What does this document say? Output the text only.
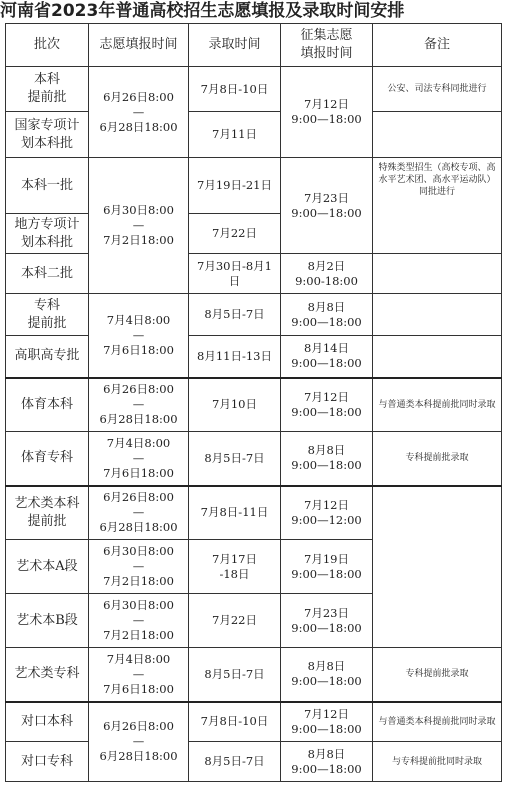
河南省2023年普通高校招生志愿填报及录取时间安排
批次	志愿填报时间	录取时间	征集志愿
填报时间	备注

本科
提前批	6月26日8:00
—
6月28日18:00	7月8日-10日	7月12日
9:00—18:00	公安、司法专科同批进行

国家专项计
划本科批		7月11日		
本科一批	6月30日8:00
—
7月2日18:00	7月19日-21日	7月23日
9:00—18:00	特殊类型招生（高校专项、高水平艺术团、高水平运动队）同批进行

地方专项计
划本科批		7月22日		
本科二批		7月30日-8月1
日	8月2日
9:00-18:00	

专科
提前批	7月4日8:00
—
7月6日18:00	8月5日-7日	8月8日
9:00—18:00	

高职高专批		8月11日-13日	8月14日
9:00—18:00	

体育本科	6月26日8:00
—
6月28日18:00	7月10日	7月12日
9:00—18:00	与普通类本科提前批同时录取
体育专科	7月4日8:00
—
7月6日18:00	8月5日-7日	8月8日
9:00—18:00	专科提前批录取

艺术类本科
提前批	6月26日8:00
—
6月28日18:00	7月8日-11日	7月12日
9:00—12:00	

艺术本A段	6月30日8:00
—
7月2日18:00	7月17日
-18日	7月19日
9:00—18:00	

艺术本B段	6月30日8:00
—
7月2日18:00	7月22日	7月23日
9:00—18:00	

艺术类专科	7月4日8:00
—
7月6日18:00	8月5日-7日	8月8日
9:00—18:00	专科提前批录取
对口本科	6月26日8:00
—
6月28日18:00	7月8日-10日	7月12日
9:00—18:00	与普通类本科提前批同时录取
对口专科		8月5日-7日	8月8日
9:00—18:00	与专科提前批同时录取
